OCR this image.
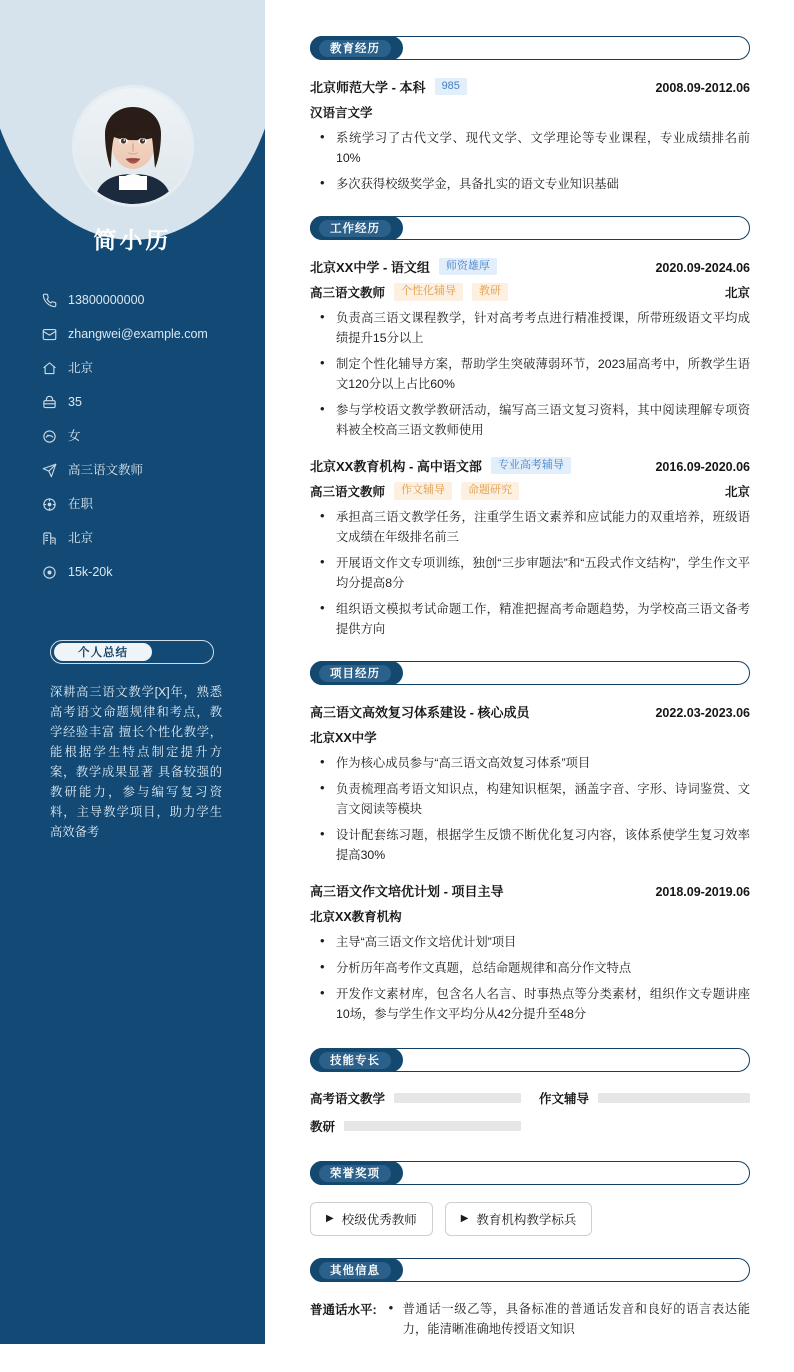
简小历
13800000000
zhangwei@example.com
北京
35
女
高三语文教师
在职
北京
15k-20k
个人总结
深耕高三语文教学[X]年，熟悉高考语文命题规律和考点，教学经验丰富 擅长个性化教学，能根据学生特点制定提升方案，教学成果显著 具备较强的教研能力，参与编写复习资料，主导教学项目，助力学生高效备考
教育经历
北京师范大学 - 本科	985	2008.09-2012.06
汉语言文学
• 系统学习了古代文学、现代文学、文学理论等专业课程，专业成绩排名前10%
• 多次获得校级奖学金，具备扎实的语文专业知识基础
工作经历
北京XX中学 - 语文组	师资雄厚	2020.09-2024.06
高三语文教师	个性化辅导	教研	北京
• 负责高三语文课程教学，针对高考考点进行精准授课，所带班级语文平均成绩提升15分以上
• 制定个性化辅导方案，帮助学生突破薄弱环节，2023届高考中，所教学生语文120分以上占比60%
• 参与学校语文教学教研活动，编写高三语文复习资料，其中阅读理解专项资料被全校高三语文教师使用
北京XX教育机构 - 高中语文部	专业高考辅导	2016.09-2020.06
高三语文教师	作文辅导	命题研究	北京
• 承担高三语文教学任务，注重学生语文素养和应试能力的双重培养，班级语文成绩在年级排名前三
• 开展语文作文专项训练，独创“三步审题法”和“五段式作文结构”，学生作文平均分提高8分
• 组织语文模拟考试命题工作，精准把握高考命题趋势，为学校高三语文备考提供方向
项目经历
高三语文高效复习体系建设 - 核心成员	2022.03-2023.06
北京XX中学
• 作为核心成员参与“高三语文高效复习体系”项目
• 负责梳理高考语文知识点，构建知识框架，涵盖字音、字形、诗词鉴赏、文言文阅读等模块
• 设计配套练习题，根据学生反馈不断优化复习内容，该体系使学生复习效率提高30%
高三语文作文培优计划 - 项目主导	2018.09-2019.06
北京XX教育机构
• 主导“高三语文作文培优计划”项目
• 分析历年高考作文真题，总结命题规律和高分作文特点
• 开发作文素材库，包含名人名言、时事热点等分类素材，组织作文专题讲座10场，参与学生作文平均分从42分提升至48分
技能专长
高考语文教学	作文辅导
教研
荣誉奖项
▶ 校级优秀教师	▶ 教育机构教学标兵
其他信息
普通话水平:	• 普通话一级乙等，具备标准的普通话发音和良好的语言表达能力，能清晰准确地传授语文知识
